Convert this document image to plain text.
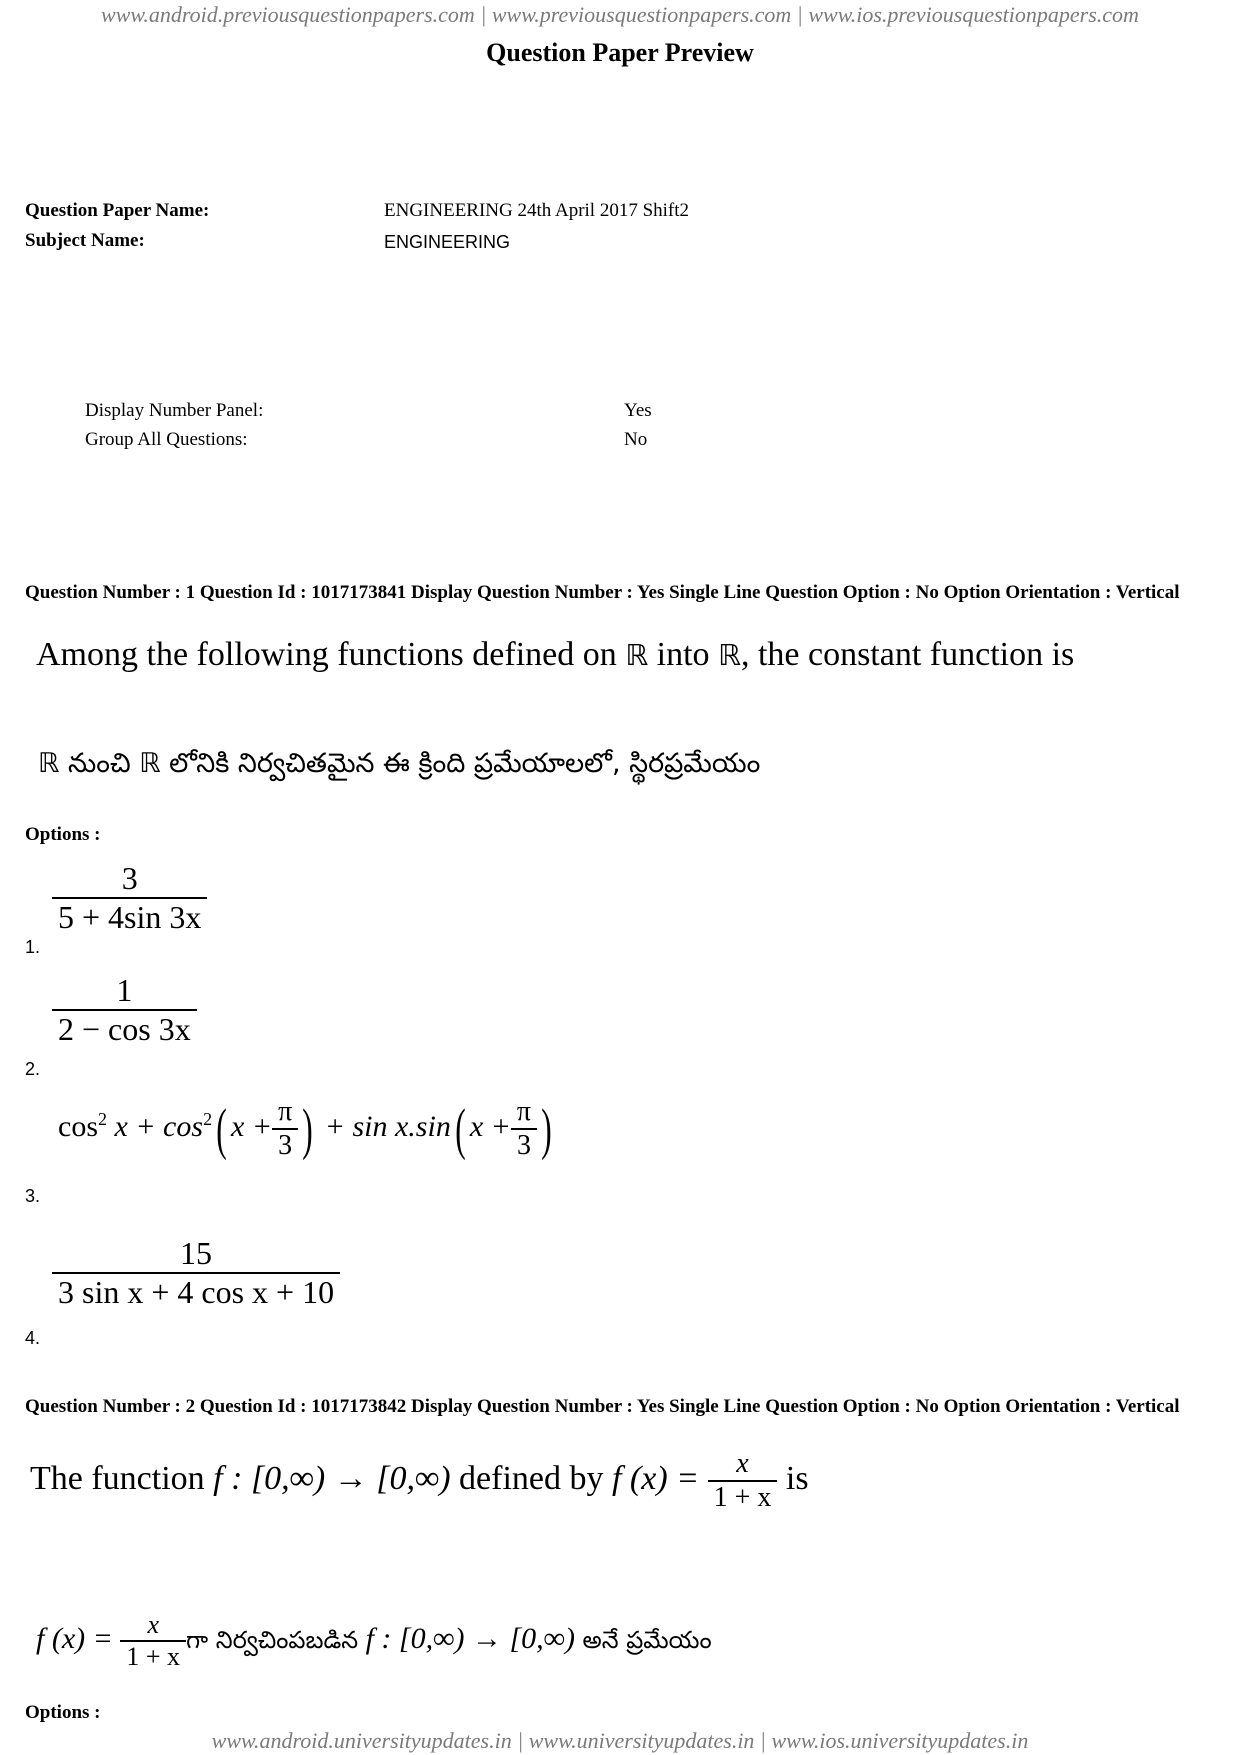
www.android.previousquestionpapers.com | www.previousquestionpapers.com | www.ios.previousquestionpapers.com
Question Paper Preview
Question Paper Name:	ENGINEERING 24th April 2017 Shift2
Subject Name:	ENGINEERING
Display Number Panel:	Yes
Group All Questions:	No
Question Number : 1 Question Id : 1017173841 Display Question Number : Yes Single Line Question Option : No Option Orientation : Vertical
Among the following functions defined on ℝ into ℝ, the constant function is
ℝ నుంచి ℝ లోనికి నిర్వచితమైన ఈ క్రింది ప్రమేయాలలో, స్థిరప్రమేయం
Options :
$\frac{3}{5 + 4\sin 3x}$
1.
$\frac{1}{2 - \cos 3x}$
2.
$\cos^2 x + \cos^2$( $x + \frac{\pi}{3}$ ) + sin x.sin( $x + \frac{\pi}{3}$ )
3.
$\frac{15}{\text{3 sin x + 4 cos x + 10}}$
4.
Question Number : 2 Question Id : 1017173842 Display Question Number : Yes Single Line Question Option : No Option Orientation : Vertical
The function f : [0,∞) → [0,∞) defined by f $(x) = \frac{x}{1 + x}$ is
f $(x) = \frac{x}{1 + x}$ గా నిర్వచింపబడిన f : [0,∞) → [0,∞) అనే ప్రమేయం
Options :
www.android.universityupdates.in | www.universityupdates.in | www.ios.universityupdates.in
